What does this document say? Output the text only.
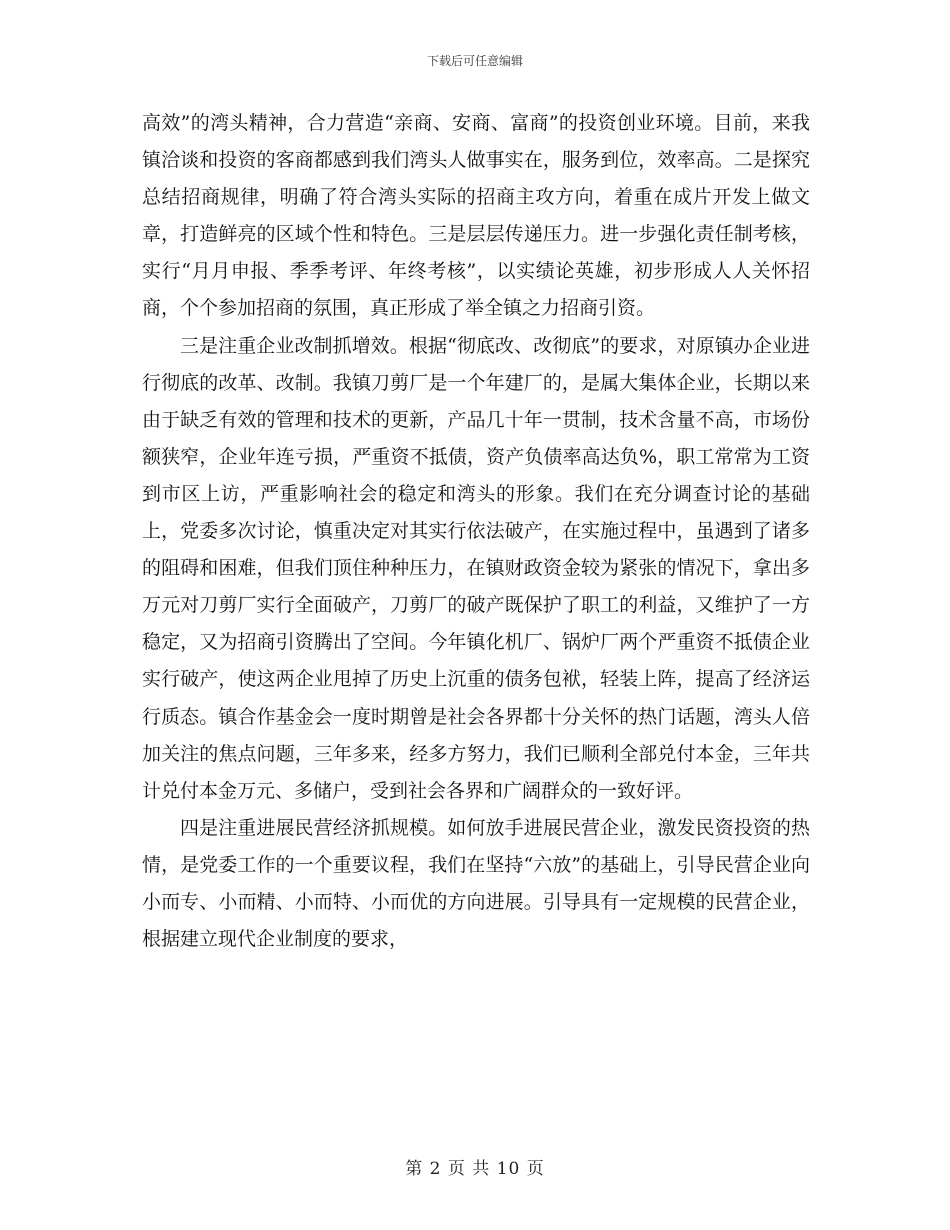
下载后可任意编辑

高效”的湾头精神，合力营造“亲商、安商、富商”的投资创业环境。目前，来我镇洽谈和投资的客商都感到我们湾头人做事实在，服务到位，效率高。二是探究总结招商规律，明确了符合湾头实际的招商主攻方向，着重在成片开发上做文章，打造鲜亮的区域个性和特色。三是层层传递压力。进一步强化责任制考核，实行“月月申报、季季考评、年终考核”，以实绩论英雄，初步形成人人关怀招商，个个参加招商的氛围，真正形成了举全镇之力招商引资。

三是注重企业改制抓增效。根据“彻底改、改彻底”的要求，对原镇办企业进行彻底的改革、改制。我镇刀剪厂是一个年建厂的，是属大集体企业，长期以来由于缺乏有效的管理和技术的更新，产品几十年一贯制，技术含量不高，市场份额狭窄，企业年连亏损，严重资不抵债，资产负债率高达负%，职工常常为工资到市区上访，严重影响社会的稳定和湾头的形象。我们在充分调查讨论的基础上，党委多次讨论，慎重决定对其实行依法破产，在实施过程中，虽遇到了诸多的阻碍和困难，但我们顶住种种压力，在镇财政资金较为紧张的情况下，拿出多万元对刀剪厂实行全面破产，刀剪厂的破产既保护了职工的利益，又维护了一方稳定，又为招商引资腾出了空间。今年镇化机厂、锅炉厂两个严重资不抵债企业实行破产，使这两企业甩掉了历史上沉重的债务包袱，轻装上阵，提高了经济运行质态。镇合作基金会一度时期曾是社会各界都十分关怀的热门话题，湾头人倍加关注的焦点问题，三年多来，经多方努力，我们已顺利全部兑付本金，三年共计兑付本金万元、多储户，受到社会各界和广阔群众的一致好评。

四是注重进展民营经济抓规模。如何放手进展民营企业，激发民资投资的热情，是党委工作的一个重要议程，我们在坚持“六放”的基础上，引导民营企业向小而专、小而精、小而特、小而优的方向进展。引导具有一定规模的民营企业，根据建立现代企业制度的要求，

第 2 页 共 10 页
